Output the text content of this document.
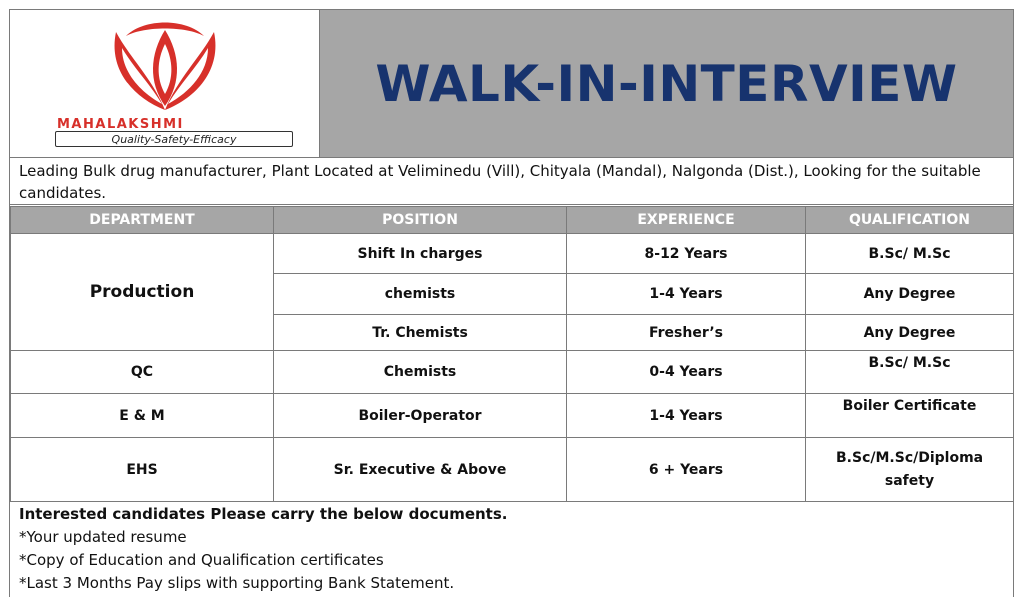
MAHALAKSHMI
Quality-Safety-Efficacy
WALK-IN-INTERVIEW
Leading Bulk drug manufacturer, Plant Located at Veliminedu (Vill), Chityala (Mandal), Nalgonda (Dist.), Looking for the suitable candidates.
DEPARTMENT	POSITION	EXPERIENCE	QUALIFICATION
Production	Shift In charges	8-12 Years	B.Sc/ M.Sc
	chemists	1-4 Years	Any Degree
	Tr. Chemists	Fresher’s	Any Degree
QC	Chemists	0-4 Years	B.Sc/ M.Sc
E & M	Boiler-Operator	1-4 Years	Boiler Certificate
EHS	Sr. Executive & Above	6 + Years	B.Sc/M.Sc/Diploma safety
Interested candidates Please carry the below documents.
*Your updated resume
*Copy of Education and Qualification certificates
*Last 3 Months Pay slips with supporting Bank Statement.
